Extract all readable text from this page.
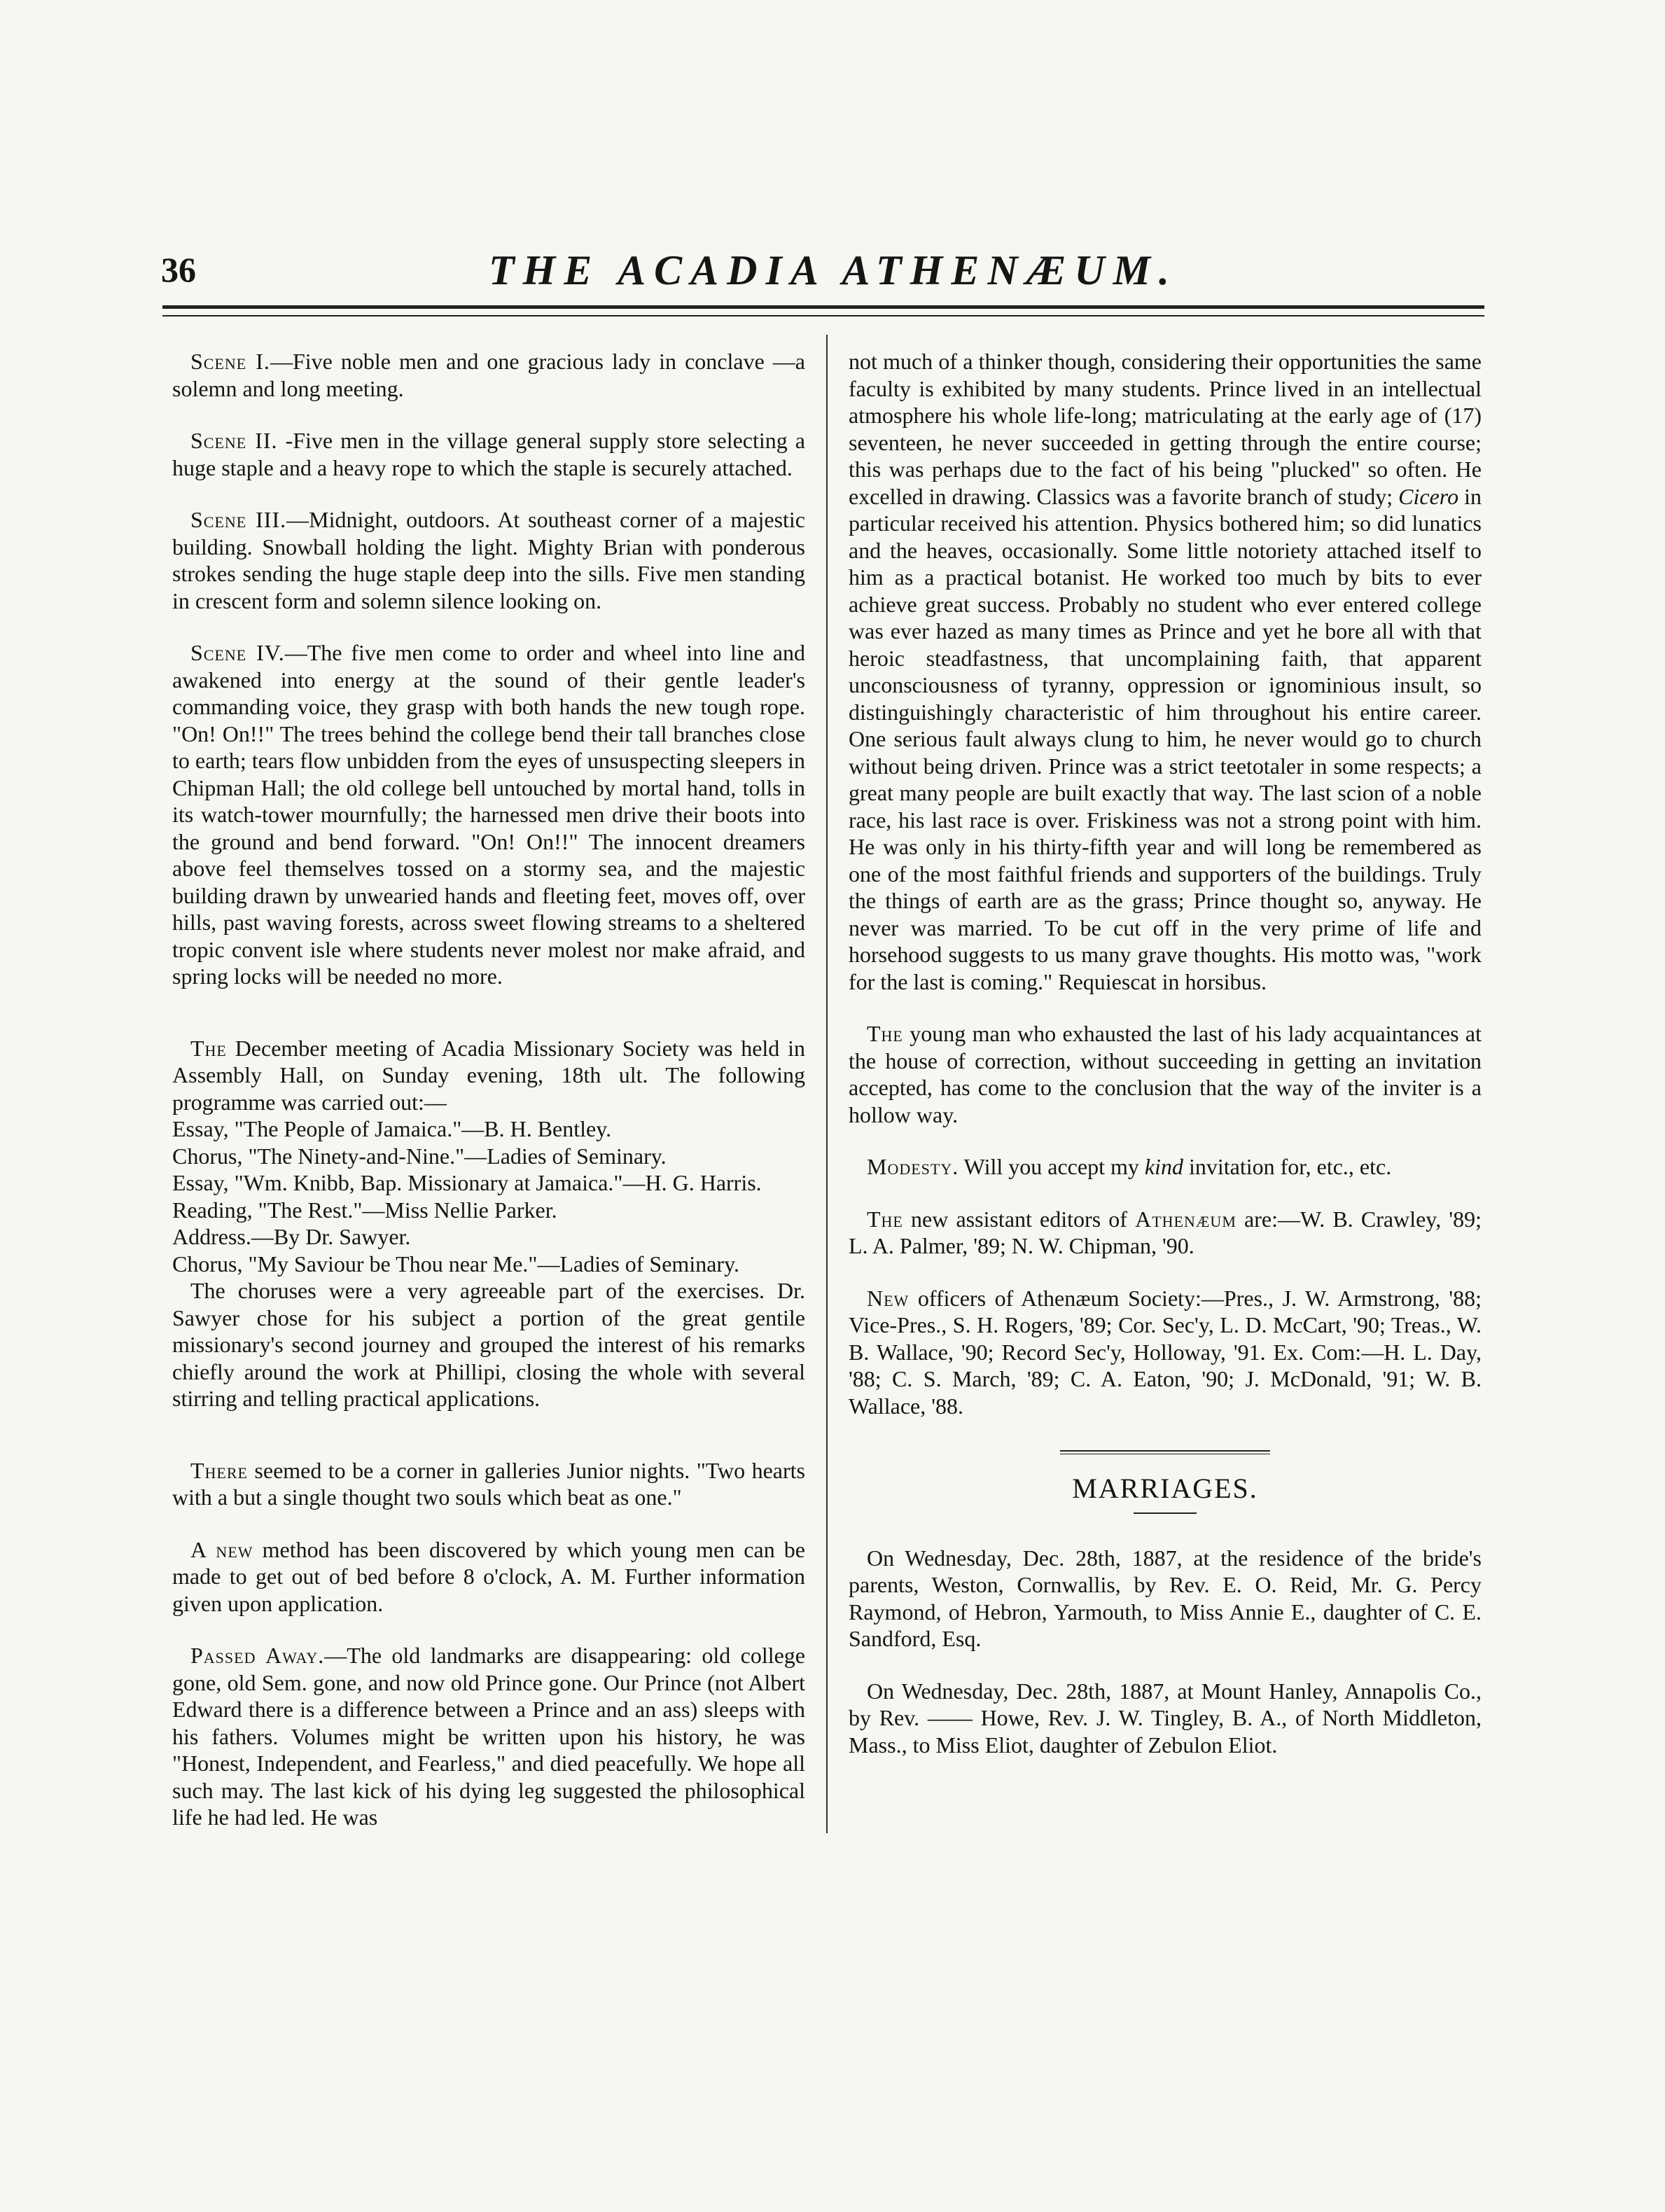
36	THE ACADIA ATHENÆUM.

Scene I.—Five noble men and one gracious lady in conclave —a solemn and long meeting.

Scene II. -Five men in the village general supply store selecting a huge staple and a heavy rope to which the staple is securely attached.

Scene III.—Midnight, outdoors. At southeast corner of a majestic building. Snowball holding the light. Mighty Brian with ponderous strokes sending the huge staple deep into the sills. Five men standing in crescent form and solemn silence looking on.

Scene IV.—The five men come to order and wheel into line and awakened into energy at the sound of their gentle leader's commanding voice, they grasp with both hands the new tough rope. "On! On!!" The trees behind the college bend their tall branches close to earth; tears flow unbidden from the eyes of unsuspecting sleepers in Chipman Hall; the old college bell untouched by mortal hand, tolls in its watch-tower mournfully; the harnessed men drive their boots into the ground and bend forward. "On! On!!" The innocent dreamers above feel themselves tossed on a stormy sea, and the majestic building drawn by unwearied hands and fleeting feet, moves off, over hills, past waving forests, across sweet flowing streams to a sheltered tropic convent isle where students never molest nor make afraid, and spring locks will be needed no more.

The December meeting of Acadia Missionary Society was held in Assembly Hall, on Sunday evening, 18th ult. The following programme was carried out:—

Essay, "The People of Jamaica."—B. H. Bentley.

Chorus, "The Ninety-and-Nine."—Ladies of Seminary.

Essay, "Wm. Knibb, Bap. Missionary at Jamaica."—H. G. Harris.

Reading, "The Rest."—Miss Nellie Parker.

Address.—By Dr. Sawyer.

Chorus, "My Saviour be Thou near Me."—Ladies of Seminary.

The choruses were a very agreeable part of the exercises. Dr. Sawyer chose for his subject a portion of the great gentile missionary's second journey and grouped the interest of his remarks chiefly around the work at Phillipi, closing the whole with several stirring and telling practical applications.

There seemed to be a corner in galleries Junior nights. "Two hearts with a but a single thought two souls which beat as one."

A new method has been discovered by which young men can be made to get out of bed before 8 o'clock, A. M. Further information given upon application.

Passed Away.—The old landmarks are disappearing: old college gone, old Sem. gone, and now old Prince gone. Our Prince (not Albert Edward there is a difference between a Prince and an ass) sleeps with his fathers. Volumes might be written upon his history, he was "Honest, Independent, and Fearless," and died peacefully. We hope all such may. The last kick of his dying leg suggested the philosophical life he had led. He was

not much of a thinker though, considering their opportunities the same faculty is exhibited by many students. Prince lived in an intellectual atmosphere his whole life-long; matriculating at the early age of (17) seventeen, he never succeeded in getting through the entire course; this was perhaps due to the fact of his being "plucked" so often. He excelled in drawing. Classics was a favorite branch of study; Cicero in particular received his attention. Physics bothered him; so did lunatics and the heaves, occasionally. Some little notoriety attached itself to him as a practical botanist. He worked too much by bits to ever achieve great success. Probably no student who ever entered college was ever hazed as many times as Prince and yet he bore all with that heroic steadfastness, that uncomplaining faith, that apparent unconsciousness of tyranny, oppression or ignominious insult, so distinguishingly characteristic of him throughout his entire career. One serious fault always clung to him, he never would go to church without being driven. Prince was a strict teetotaler in some respects; a great many people are built exactly that way. The last scion of a noble race, his last race is over. Friskiness was not a strong point with him. He was only in his thirty-fifth year and will long be remembered as one of the most faithful friends and supporters of the buildings. Truly the things of earth are as the grass; Prince thought so, anyway. He never was married. To be cut off in the very prime of life and horsehood suggests to us many grave thoughts. His motto was, "work for the last is coming." Requiescat in horsibus.

The young man who exhausted the last of his lady acquaintances at the house of correction, without succeeding in getting an invitation accepted, has come to the conclusion that the way of the inviter is a hollow way.

Modesty. Will you accept my kind invitation for, etc., etc.

The new assistant editors of Athenæum are:—W. B. Crawley, '89; L. A. Palmer, '89; N. W. Chipman, '90.

New officers of Athenæum Society:—Pres., J. W. Armstrong, '88; Vice-Pres., S. H. Rogers, '89; Cor. Sec'y, L. D. McCart, '90; Treas., W. B. Wallace, '90; Record Sec'y, Holloway, '91. Ex. Com:—H. L. Day, '88; C. S. March, '89; C. A. Eaton, '90; J. McDonald, '91; W. B. Wallace, '88.

MARRIAGES.

On Wednesday, Dec. 28th, 1887, at the residence of the bride's parents, Weston, Cornwallis, by Rev. E. O. Reid, Mr. G. Percy Raymond, of Hebron, Yarmouth, to Miss Annie E., daughter of C. E. Sandford, Esq.

On Wednesday, Dec. 28th, 1887, at Mount Hanley, Annapolis Co., by Rev. —— Howe, Rev. J. W. Tingley, B. A., of North Middleton, Mass., to Miss Eliot, daughter of Zebulon Eliot.
